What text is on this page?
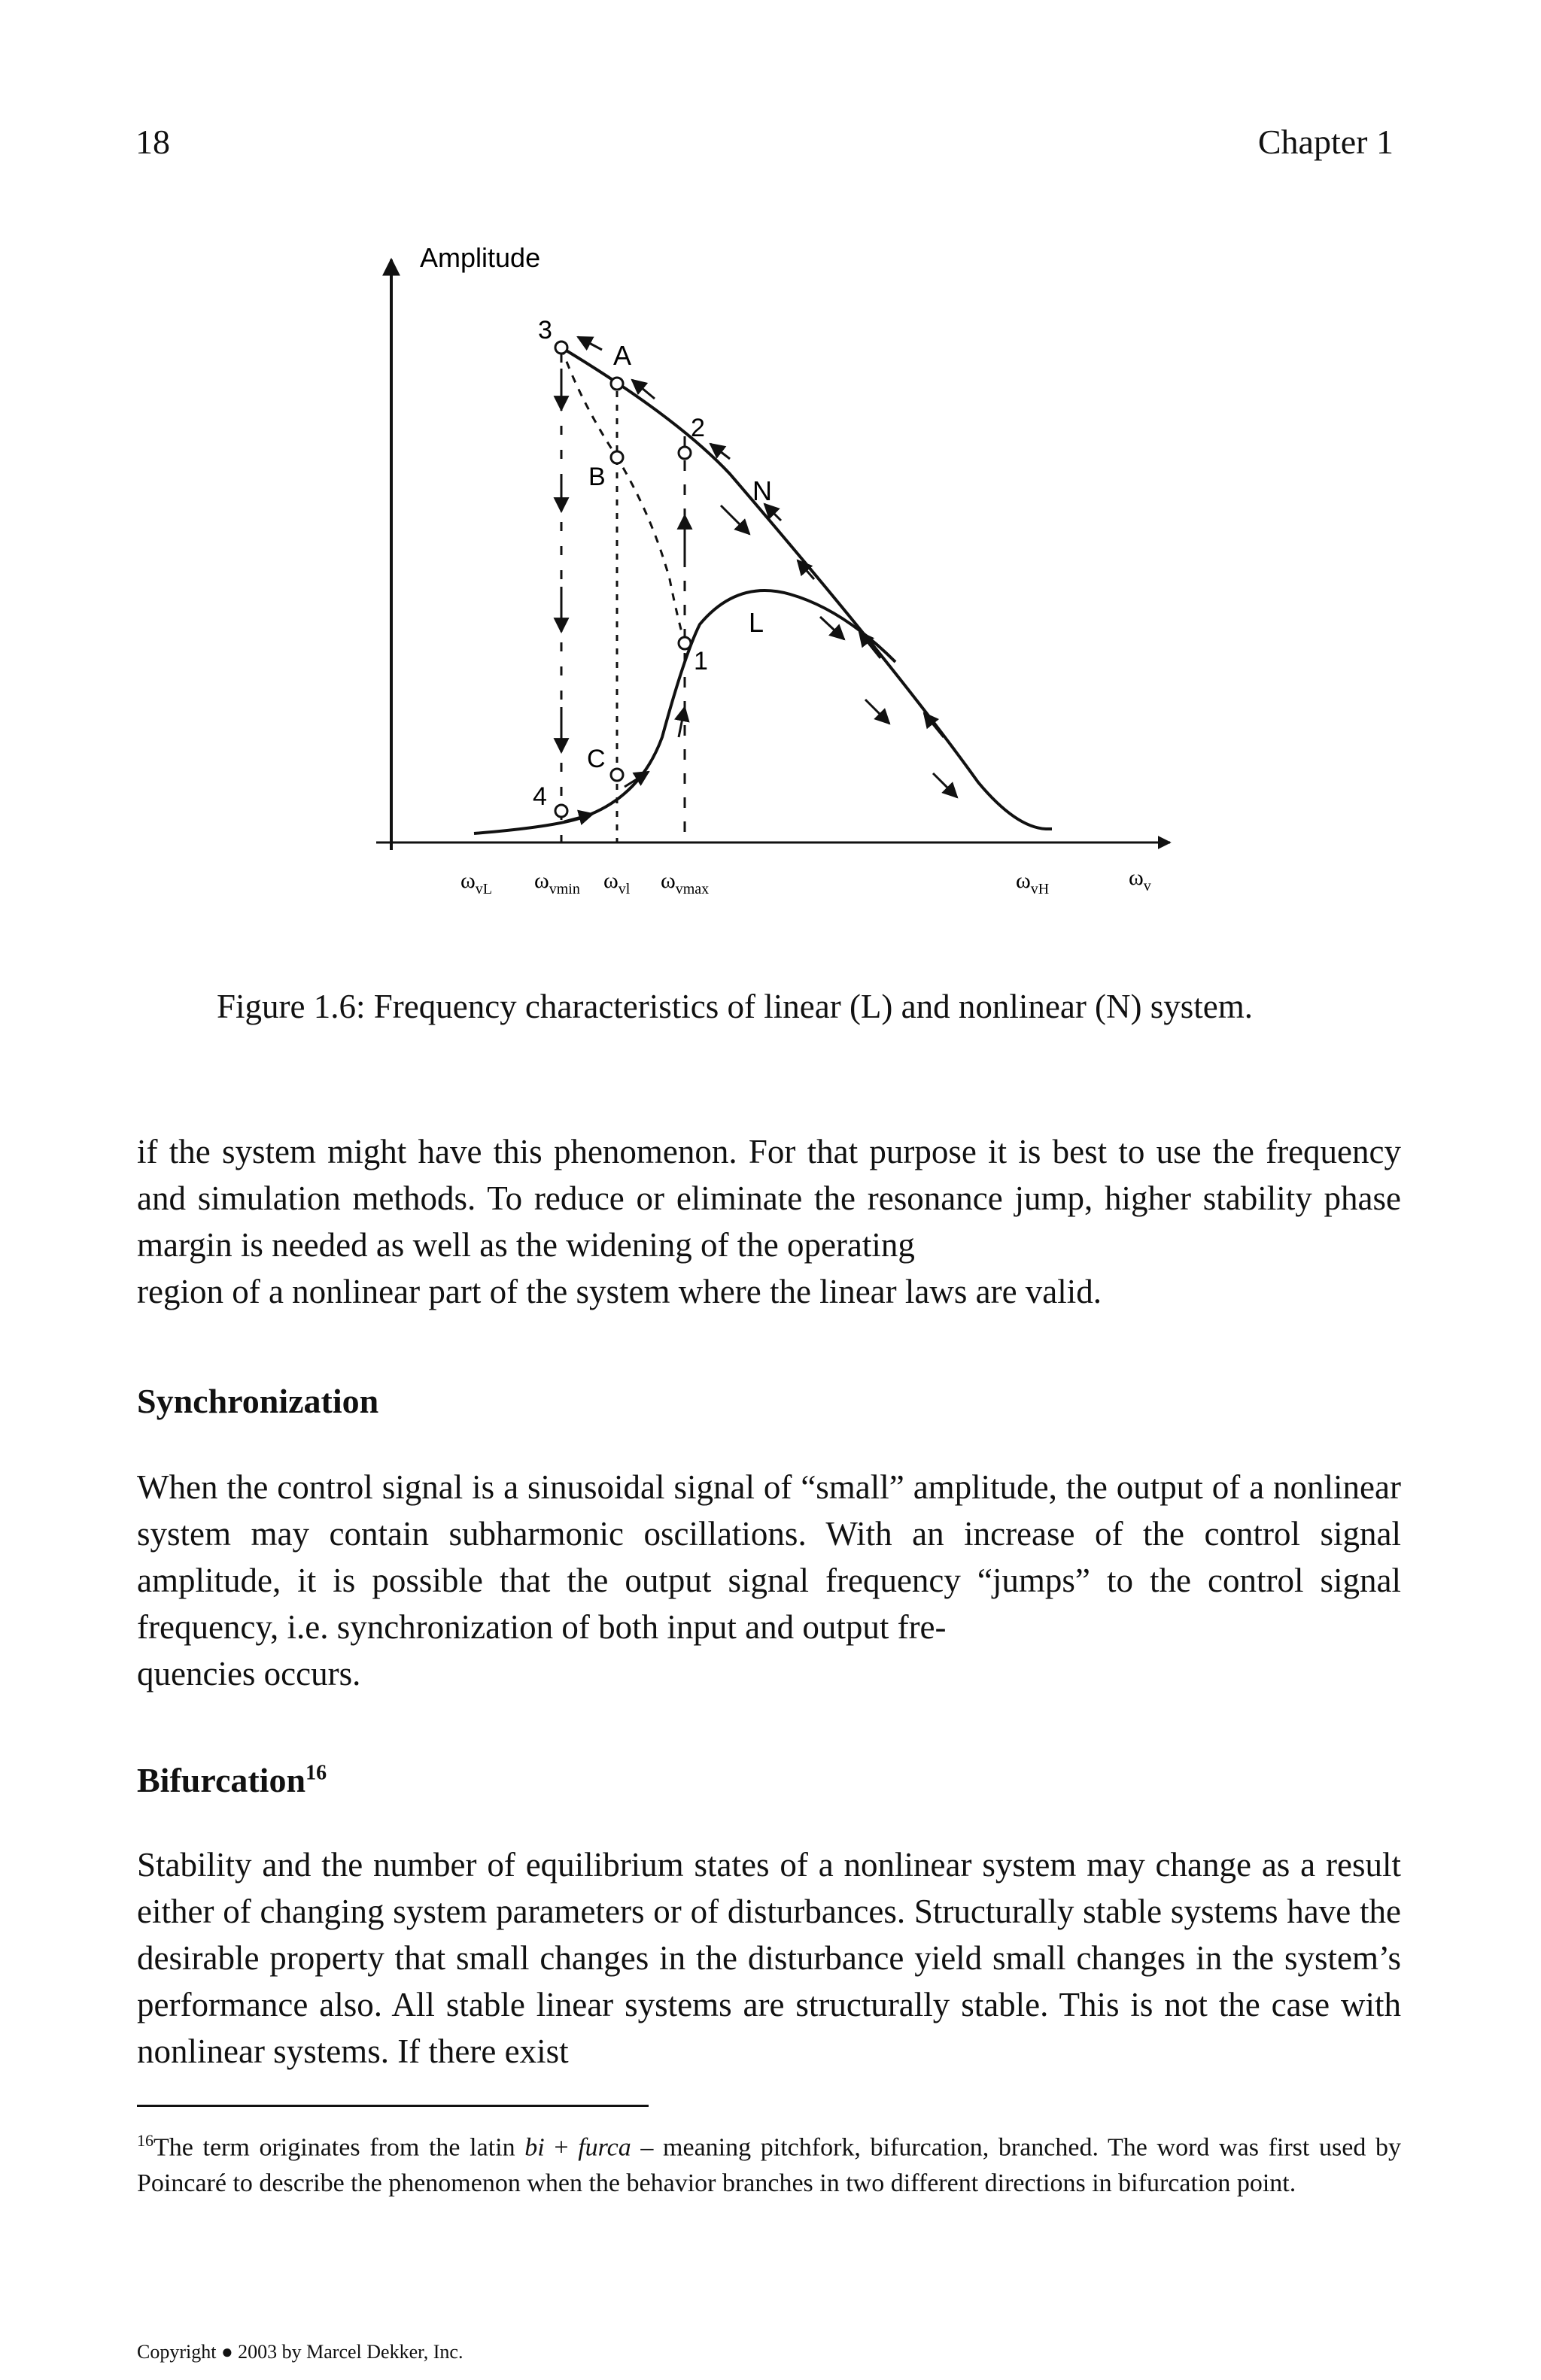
18	Chapter 1
Amplitude
3
A
2
B
1
C
4
N
L
$\omega_{vL}$ $\omega_{vmin}$ $\omega_{vl}$ $\omega_{vmax}$	$\omega_{vH}$	$\omega_v$
Figure 1.6: Frequency characteristics of linear (L) and nonlinear (N) system.
if the system might have this phenomenon. For that purpose it is best to use the frequency and simulation methods. To reduce or eliminate the resonance jump, higher stability phase margin is needed as well as the widening of the operating
region of a nonlinear part of the system where the linear laws are valid.
Synchronization
When the control signal is a sinusoidal signal of “small” amplitude, the output of a nonlinear system may contain subharmonic oscillations. With an increase of the control signal amplitude, it is possible that the output signal frequency “jumps” to the control signal frequency, i.e. synchronization of both input and output fre-
quencies occurs.
Bifurcation$^{16}$
Stability and the number of equilibrium states of a nonlinear system may change as a result either of changing system parameters or of disturbances. Structurally stable systems have the desirable property that small changes in the disturbance yield small changes in the system’s performance also. All stable linear systems are structurally stable. This is not the case with nonlinear systems. If there exist
$^{16}$The term originates from the latin bi + furca – meaning pitchfork, bifurcation, branched. The word was first used by Poincaré to describe the phenomenon when the behavior branches in two different directions in bifurcation point.
Copyright ● 2003 by Marcel Dekker, Inc.
